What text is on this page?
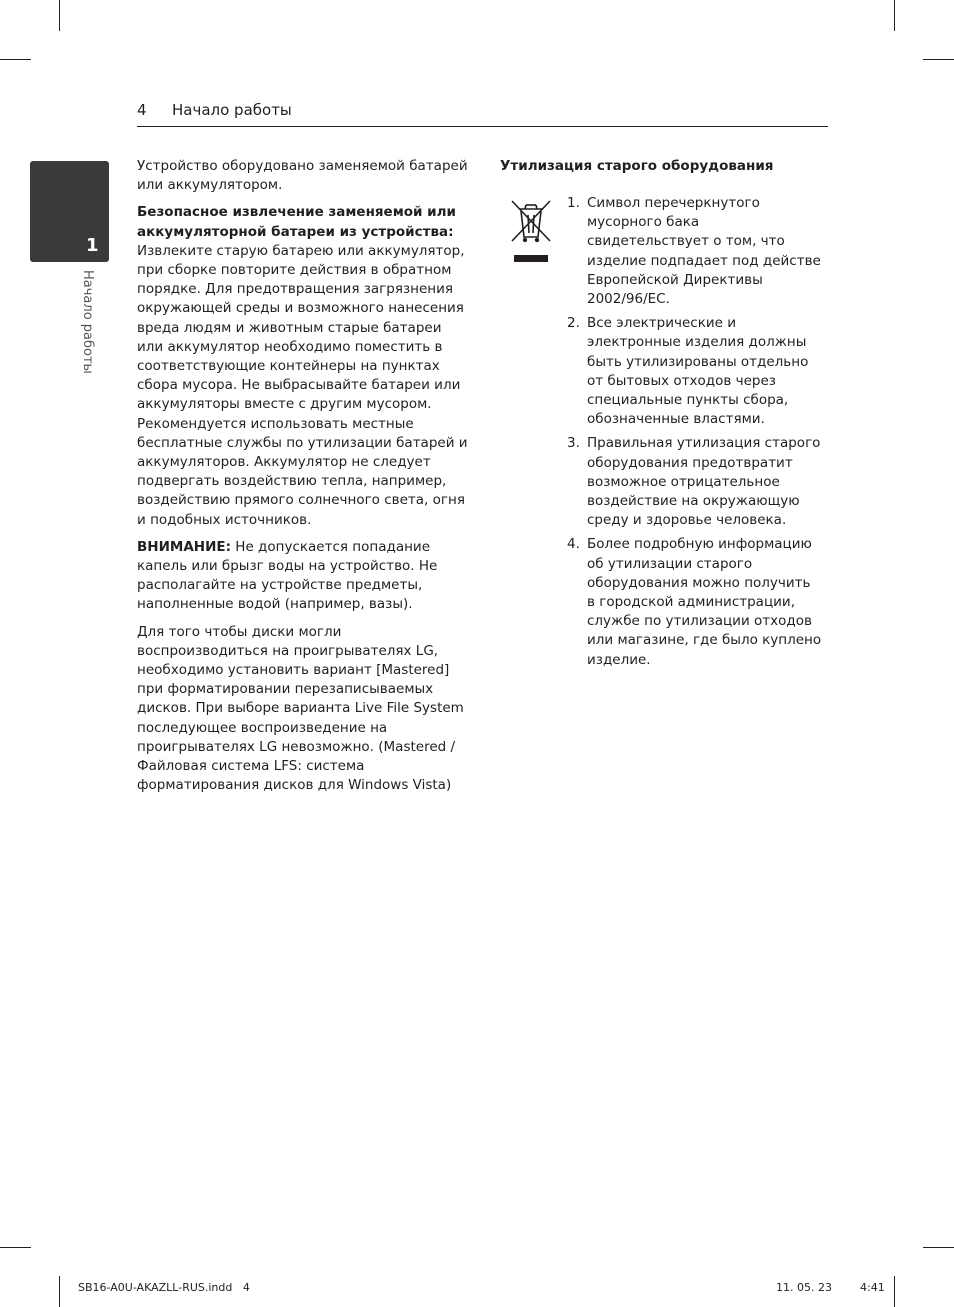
4 Начало работы
1
Начало работы

Устройство оборудовано заменяемой батарей или аккумулятором.

Безопасное извлечение заменяемой или аккумуляторной батареи из устройства:

Извлеките старую батарею или аккумулятор, при сборке повторите действия в обратном порядке. Для предотвращения загрязнения окружающей среды и возможного нанесения вреда людям и животным старые батареи или аккумулятор необходимо поместить в соответствующие контейнеры на пунктах сбора мусора. Не выбрасывайте батареи или аккумуляторы вместе с другим мусором. Рекомендуется использовать местные бесплатные службы по утилизации батарей и аккумуляторов. Аккумулятор не следует подвергать воздействию тепла, например, воздействию прямого солнечного света, огня и подобных источников.

ВНИМАНИЕ: Не допускается попадание капель или брызг воды на устройство. Не располагайте на устройстве предметы, наполненные водой (например, вазы).

Для того чтобы диски могли воспроизводиться на проигрывателях LG, необходимо установить вариант [Mastered] при форматировании перезаписываемых дисков. При выборе варианта Live File System последующее воспроизведение на проигрывателях LG невозможно. (Mastered / Файловая система LFS: система форматирования дисков для Windows Vista)

Утилизация старого оборудования

1. Символ перечеркнутого мусорного бака свидетельствует о том, что изделие подпадает под действе Европейской Директивы 2002/96/ЕС.
2. Все электрические и электронные изделия должны быть утилизированы отдельно от бытовых отходов через специальные пункты сбора, обозначенные властями.
3. Правильная утилизация старого оборудования предотвратит возможное отрицательное воздействие на окружающую среду и здоровье человека.
4. Более подробную информацию об утилизации старого оборудования можно получить в городской администрации, службе по утилизации отходов или магазине, где было куплено изделие.
SB16-A0U-AKAZLL-RUS.indd   4	11. 05. 23	4:41
